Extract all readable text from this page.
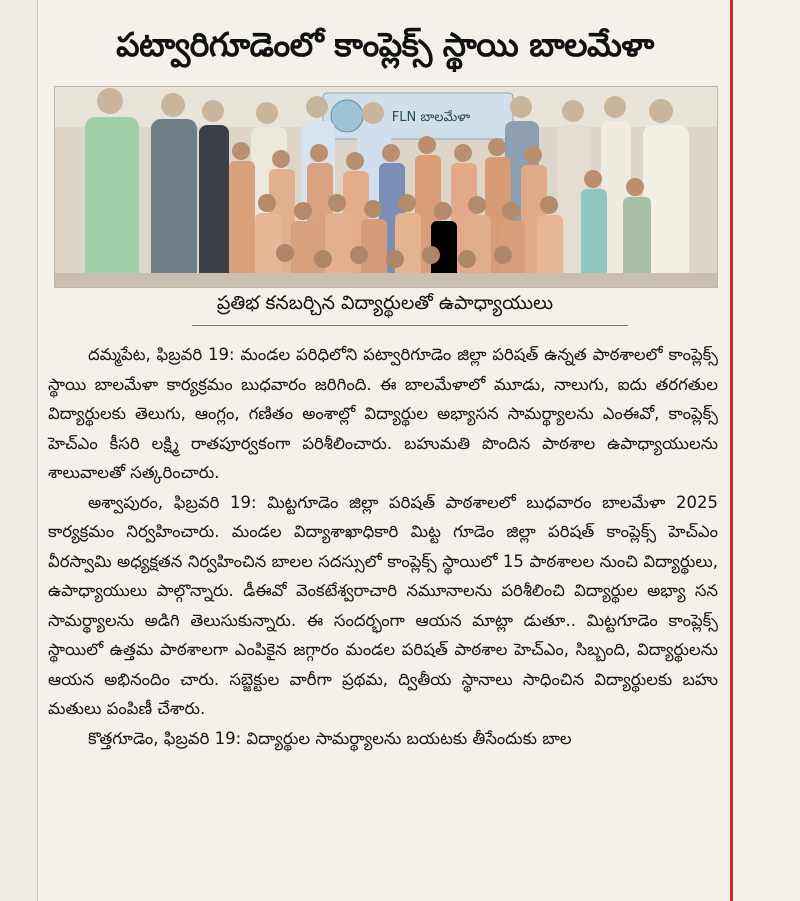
పట్వారిగూడెంలో కాంప్లెక్స్ స్థాయి బాలమేళా
FLN బాలమేళా
ప్రతిభ కనబర్చిన విద్యార్థులతో ఉపాధ్యాయులు

దమ్మపేట, ఫిబ్రవరి 19: మండల పరిధిలోని పట్వారిగూడెం జిల్లా పరిషత్ ఉన్నత పాఠశాలలో కాంప్లెక్స్ స్థాయి బాలమేళా కార్యక్రమం బుధవారం జరిగింది. ఈ బాలమేళాలో మూడు, నాలుగు, ఐదు తరగతుల విద్యార్థులకు తెలుగు, ఆంగ్లం, గణితం అంశాల్లో విద్యార్థుల అభ్యాసన సామర్థ్యాలను ఎంఈవో, కాంప్లెక్స్ హెచ్ఎం కీసరి లక్ష్మి రాతపూర్వకంగా పరిశీలించారు. బహుమతి పొందిన పాఠశాల ఉపాధ్యాయులను శాలువాలతో సత్కరించారు.

అశ్వాపురం, ఫిబ్రవరి 19: మిట్టగూడెం జిల్లా పరిషత్ పాఠశాలలో బుధవారం బాలమేళా 2025 కార్యక్రమం నిర్వహించారు. మండల విద్యాశాఖాధికారి మిట్ట గూడెం జిల్లా పరిషత్ కాంప్లెక్స్ హెచ్ఎం వీరస్వామి అధ్యక్షతన నిర్వహించిన బాలల సదస్సులో కాంప్లెక్స్ స్థాయిలో 15 పాఠశాలల నుంచి విద్యార్థులు, ఉపాధ్యాయులు పాల్గొన్నారు. డీఈవో వెంకటేశ్వరాచారి నమూనాలను పరిశీలించి విద్యార్థుల అభ్యా సన సామర్థ్యాలను అడిగి తెలుసుకున్నారు. ఈ సందర్భంగా ఆయన మాట్లా డుతూ.. మిట్టగూడెం కాంప్లెక్స్ స్థాయిలో ఉత్తమ పాఠశాలగా ఎంపికైన జగ్గారం మండల పరిషత్ పాఠశాల హెచ్ఎం, సిబ్బంది, విద్యార్థులను ఆయన అభినందిం చారు. సబ్జెక్టుల వారీగా ప్రథమ, ద్వితీయ స్థానాలు సాధించిన విద్యార్థులకు బహు మతులు పంపిణీ చేశారు.

కొత్తగూడెం, ఫిబ్రవరి 19: విద్యార్థుల సామర్థ్యాలను బయటకు తీసేందుకు బాల
